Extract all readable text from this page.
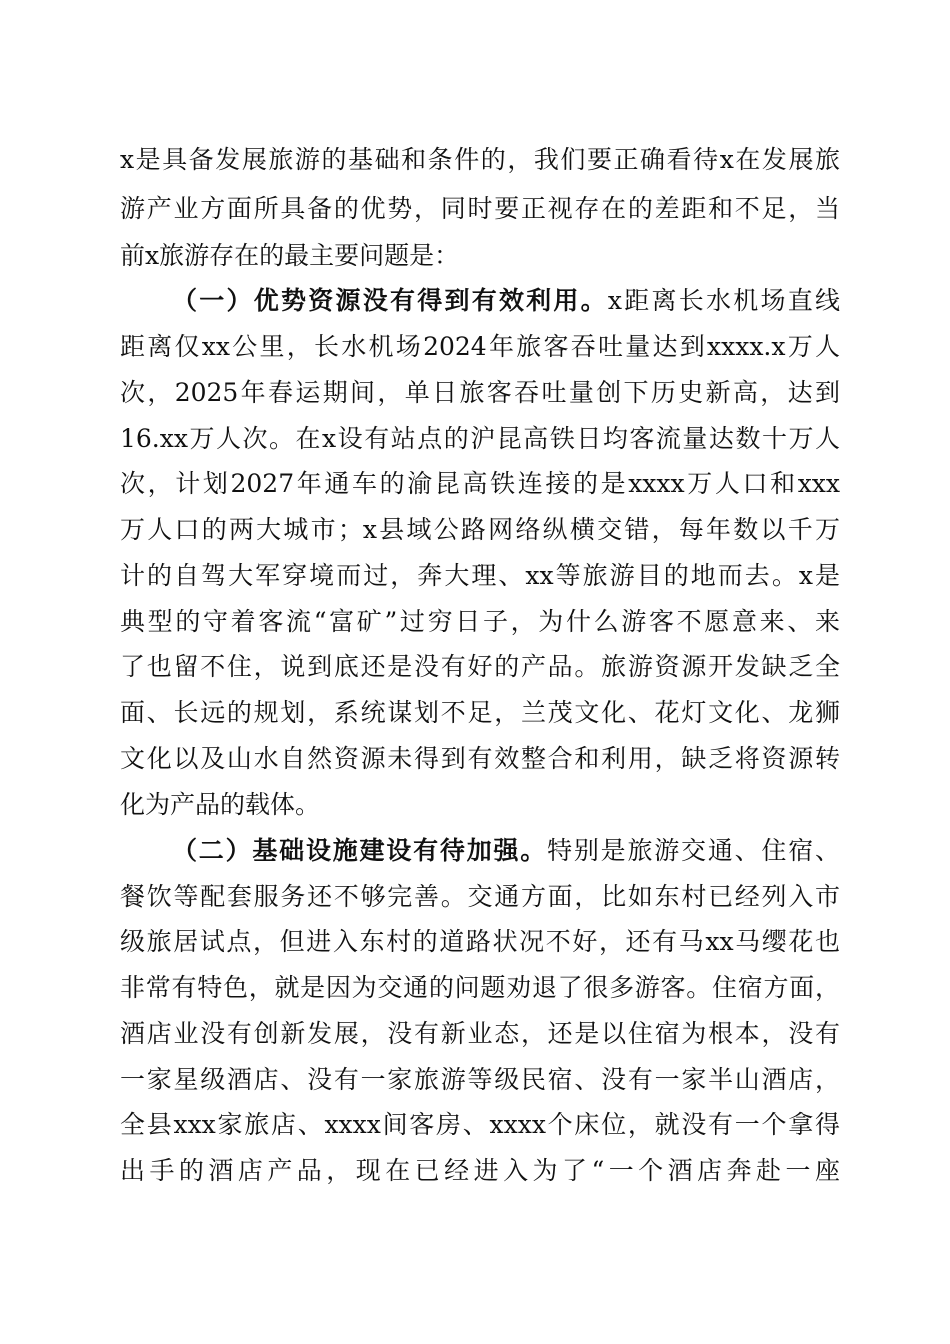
x是具备发展旅游的基础和条件的，我们要正确看待x在发展旅
游产业方面所具备的优势，同时要正视存在的差距和不足，当
前x旅游存在的最主要问题是：
（一）优势资源没有得到有效利用。x距离长水机场直线
距离仅xx公里，长水机场2024年旅客吞吐量达到xxxx.x万人
次，2025年春运期间，单日旅客吞吐量创下历史新高，达到
16.xx万人次。在x设有站点的沪昆高铁日均客流量达数十万人
次，计划2027年通车的渝昆高铁连接的是xxxx万人口和xxx
万人口的两大城市；x县域公路网络纵横交错，每年数以千万
计的自驾大军穿境而过，奔大理、xx等旅游目的地而去。x是
典型的守着客流“富矿”过穷日子，为什么游客不愿意来、来
了也留不住，说到底还是没有好的产品。旅游资源开发缺乏全
面、长远的规划，系统谋划不足，兰茂文化、花灯文化、龙狮
文化以及山水自然资源未得到有效整合和利用，缺乏将资源转
化为产品的载体。
（二）基础设施建设有待加强。特别是旅游交通、住宿、
餐饮等配套服务还不够完善。交通方面，比如东村已经列入市
级旅居试点，但进入东村的道路状况不好，还有马xx马缨花也
非常有特色，就是因为交通的问题劝退了很多游客。住宿方面，
酒店业没有创新发展，没有新业态，还是以住宿为根本，没有
一家星级酒店、没有一家旅游等级民宿、没有一家半山酒店，
全县xxx家旅店、xxxx间客房、xxxx个床位，就没有一个拿得
出手的酒店产品，现在已经进入为了“一个酒店奔赴一座
